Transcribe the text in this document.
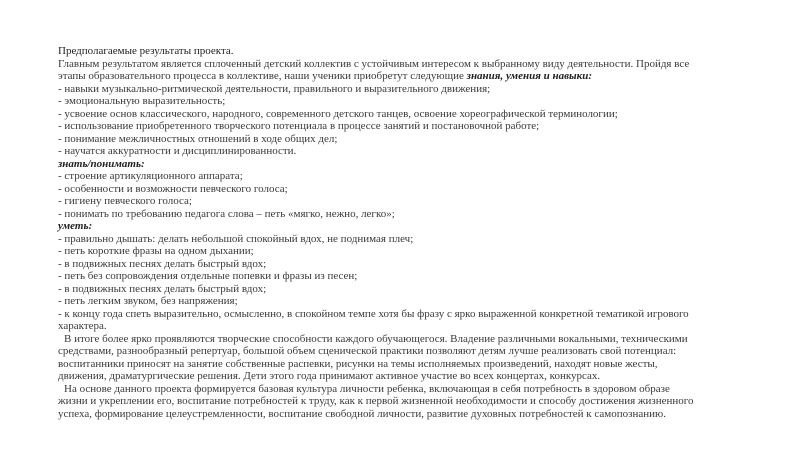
Предполагаемые результаты проекта.
Главным результатом является сплоченный детский коллектив с устойчивым интересом к выбранному виду деятельности. Пройдя все
этапы образовательного процесса в коллективе, наши ученики приобретут следующие знания, умения и навыки:
- навыки музыкально-ритмической деятельности, правильного и выразительного движения;
- эмоциональную выразительность;
- усвоение основ классического, народного, современного детского танцев, освоение хореографической терминологии;
- использование приобретенного творческого потенциала в процессе занятий и постановочной работе;
- понимание межличностных отношений в ходе общих дел;
- научатся аккуратности и дисциплинированности.
знать/понимать:
- строение артикуляционного аппарата;
- особенности и возможности певческого голоса;
- гигиену певческого голоса;
- понимать по требованию педагога слова – петь «мягко, нежно, легко»;
уметь:
- правильно дышать: делать небольшой спокойный вдох, не поднимая плеч;
- петь короткие фразы на одном дыхании;
- в подвижных песнях делать быстрый вдох;
- петь без сопровождения отдельные попевки и фразы из песен;
- в подвижных песнях делать быстрый вдох;
- петь легким звуком, без напряжения;
- к концу года спеть выразительно, осмысленно, в спокойном темпе хотя бы фразу с ярко выраженной конкретной тематикой игрового
характера.
В итоге более ярко проявляются творческие способности каждого обучающегося. Владение различными вокальными, техническими
средствами, разнообразный репертуар, большой объем сценической практики позволяют детям лучше реализовать свой потенциал:
воспитанники приносят на занятие собственные распевки, рисунки на темы исполняемых произведений, находят новые жесты,
движения, драматургические решения. Дети этого года принимают активное участие во всех концертах, конкурсах.
На основе данного проекта формируется базовая культура личности ребенка, включающая в себя потребность в здоровом образе
жизни и укреплении его, воспитание потребностей к труду, как к первой жизненной необходимости и способу достижения жизненного
успеха, формирование целеустремленности, воспитание свободной личности, развитие духовных потребностей к самопознанию.
